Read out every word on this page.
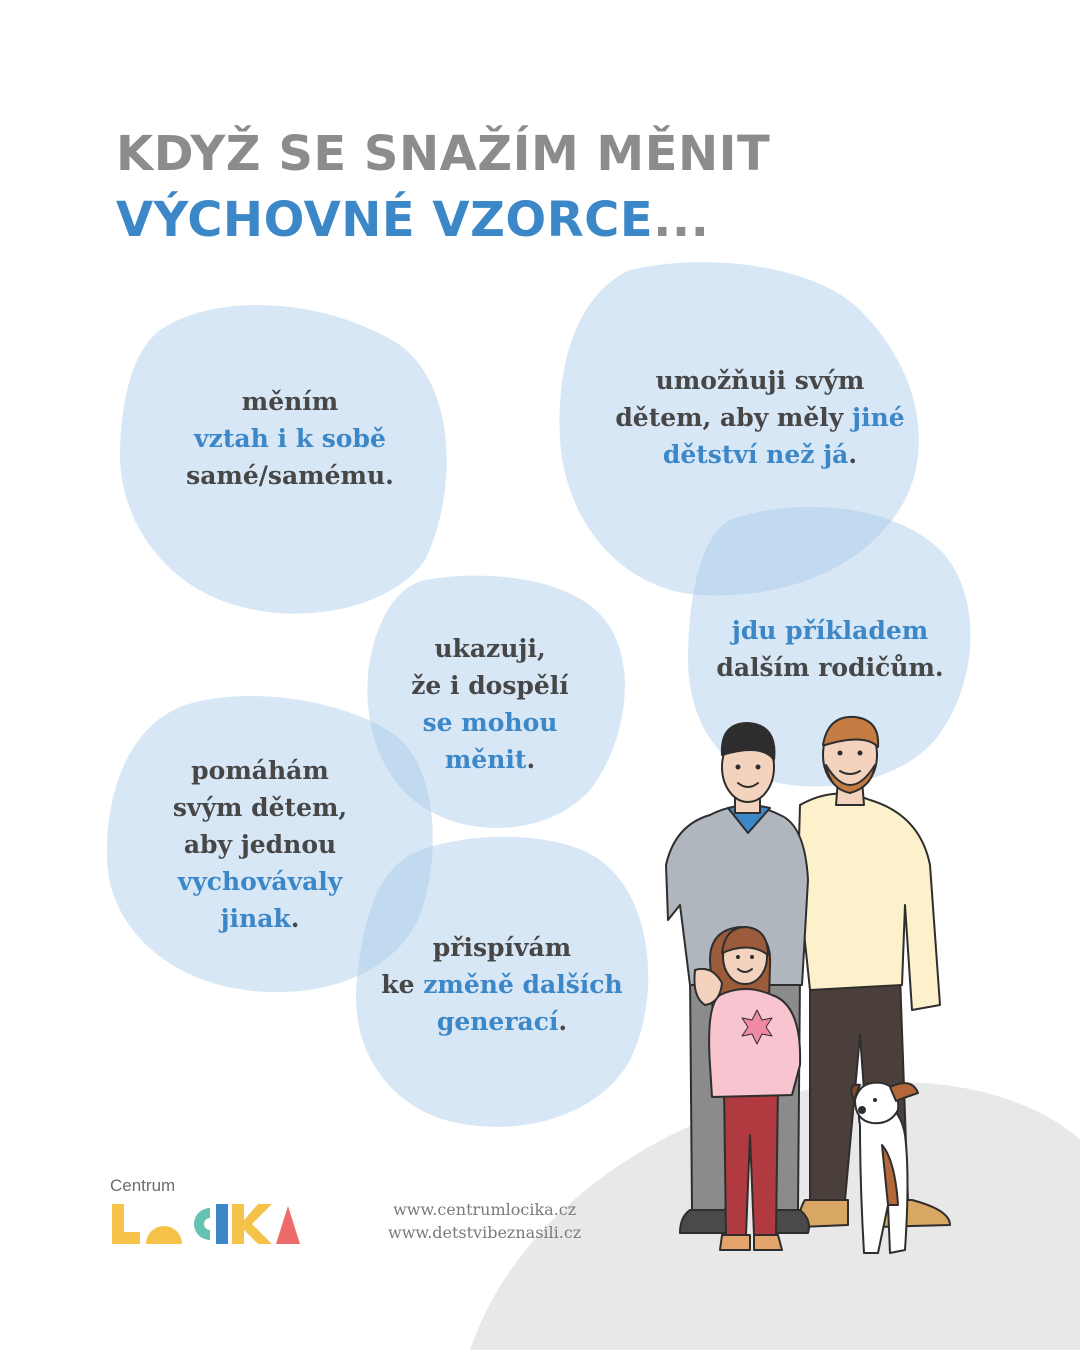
KDYŽ SE SNAŽÍM MĚNIT
VÝCHOVNÉ VZORCE...
měním
vztah i k sobě
samé/samému.
umožňuji svým
dětem, aby měly jiné
dětství než já.
jdu příkladem
dalším rodičům.
ukazuji,
že i dospělí
se mohou
měnit.
pomáhám
svým dětem,
aby jednou
vychovávaly
jinak.
přispívám
ke změně dalších
generací.
Centrum
www.centrumlocika.cz
www.detstvibeznasili.cz
